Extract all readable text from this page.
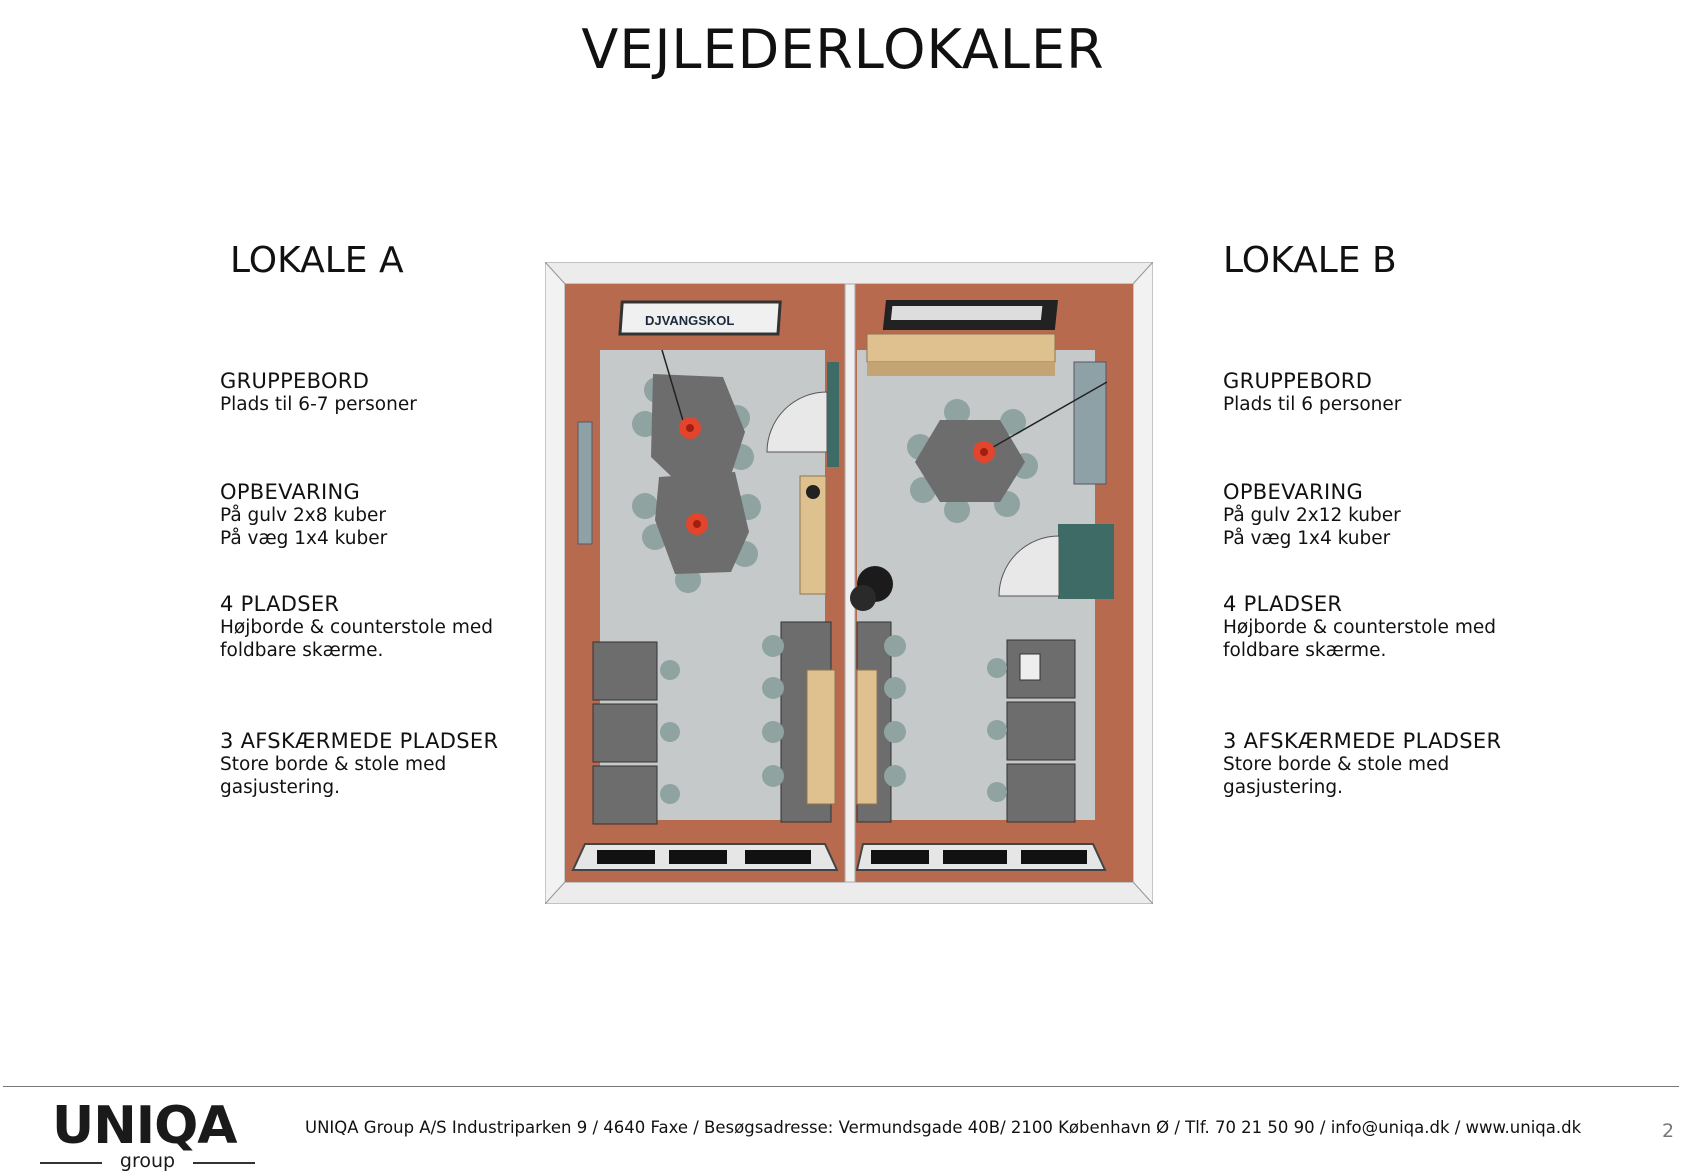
VEJLEDERLOKALER
LOKALE A
GRUPPEBORD

Plads til 6-7 personer

OPBEVARING

På gulv 2x8 kuber

På væg 1x4 kuber

4 PLADSER

Højborde & counterstole med

foldbare skærme.

3 AFSKÆRMEDE PLADSER

Store borde & stole med

gasjustering.

LOKALE B
GRUPPEBORD

Plads til 6 personer

OPBEVARING

På gulv 2x12 kuber

På væg 1x4 kuber

4 PLADSER

Højborde & counterstole med

foldbare skærme.

3 AFSKÆRMEDE PLADSER

Store borde & stole med

gasjustering.

DJVANGSKOL
UNIQA
group
UNIQA Group A/S Industriparken 9 / 4640 Faxe / Besøgsadresse: Vermundsgade 40B/ 2100 København Ø / Tlf. 70 21 50 90 / info@uniqa.dk / www.uniqa.dk	2
